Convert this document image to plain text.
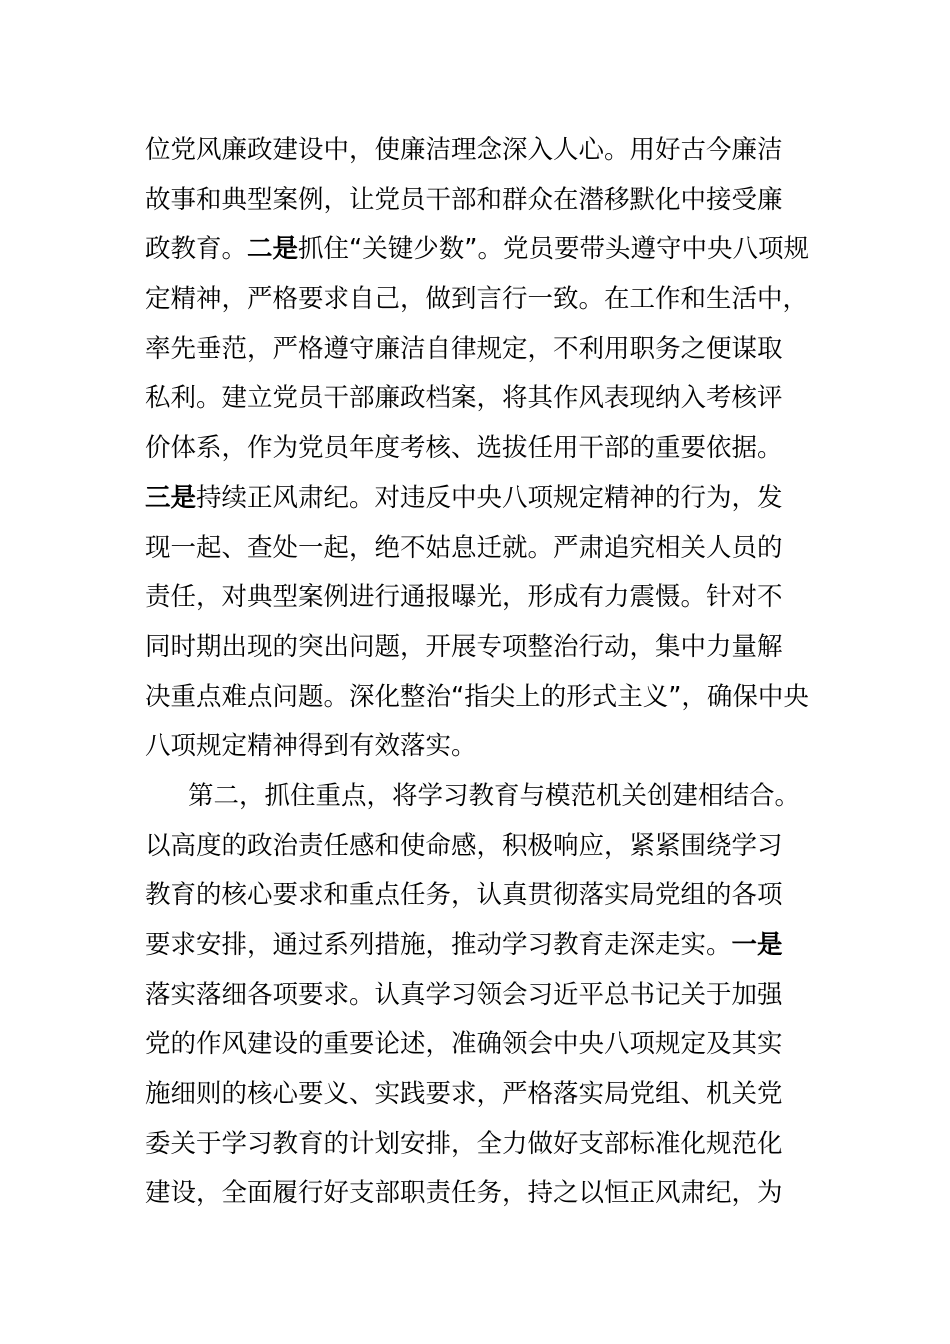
位党风廉政建设中，使廉洁理念深入人心。用好古今廉洁
故事和典型案例，让党员干部和群众在潜移默化中接受廉
政教育。二是抓住“关键少数”。党员要带头遵守中央八项规
定精神，严格要求自己，做到言行一致。在工作和生活中，
率先垂范，严格遵守廉洁自律规定，不利用职务之便谋取
私利。建立党员干部廉政档案，将其作风表现纳入考核评
价体系，作为党员年度考核、选拔任用干部的重要依据。
三是持续正风肃纪。对违反中央八项规定精神的行为，发
现一起、查处一起，绝不姑息迁就。严肃追究相关人员的
责任，对典型案例进行通报曝光，形成有力震慑。针对不
同时期出现的突出问题，开展专项整治行动，集中力量解
决重点难点问题。深化整治“指尖上的形式主义”，确保中央
八项规定精神得到有效落实。
第二，抓住重点，将学习教育与模范机关创建相结合。
以高度的政治责任感和使命感，积极响应，紧紧围绕学习
教育的核心要求和重点任务，认真贯彻落实局党组的各项
要求安排，通过系列措施，推动学习教育走深走实。一是
落实落细各项要求。认真学习领会习近平总书记关于加强
党的作风建设的重要论述，准确领会中央八项规定及其实
施细则的核心要义、实践要求，严格落实局党组、机关党
委关于学习教育的计划安排，全力做好支部标准化规范化
建设，全面履行好支部职责任务，持之以恒正风肃纪，为
